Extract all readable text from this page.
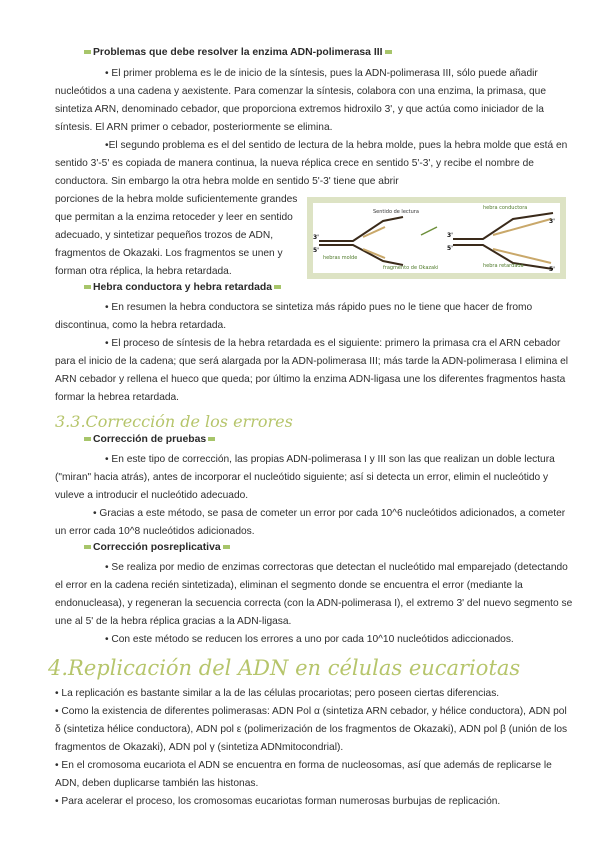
Problemas que debe resolver la enzima ADN-polimerasa III

• El primer problema es le de inicio de la síntesis, pues la ADN-polimerasa III, sólo puede añadir nucleótidos a una cadena y aexistente. Para comenzar la síntesis, colabora con una enzima, la primasa, que sintetiza ARN, denominado cebador, que proporciona extremos hidroxilo 3', y que actúa como iniciador de la síntesis. El ARN primer o cebador, posteriormente se elimina.

•El segundo problema es el del sentido de lectura de la hebra molde, pues la hebra molde que está en sentido 3'-5' es copiada de manera continua, la nueva réplica crece en sentido 5'-3', y recibe el nombre de conductora. Sin embargo la otra hebra molde en sentido 5'-3' tiene que abrir

porciones de la hebra molde suficientemente grandes que permitan a la enzima retoceder y leer en sentido adecuado, y sintetizar pequeños trozos de ADN, fragmentos de Okazaki. Los fragmentos se unen y forman otra réplica, la hebra retardada.

Sentido de lectura
hebras molde
fragmento de Okazaki
hebra conductora
hebra retardada
3'
5'
3'
5'
3'
5'
Hebra conductora y hebra retardada

• En resumen la hebra conductora se sintetiza más rápido pues no le tiene que hacer de fromo discontinua, como la hebra retardada.

• El proceso de síntesis de la hebra retardada es el siguiente: primero la primasa cra el ARN cebador para el inicio de la cadena; que será alargada por la ADN-polimerasa III; más tarde la ADN-polimerasa I elimina el ARN cebador y rellena el hueco que queda; por último la enzima ADN-ligasa une los diferentes fragmentos hasta formar la hebrea retardada.

3.3.Corrección de los errores
Corrección de pruebas

• En este tipo de corrección, las propias ADN-polimerasa I y III son las que realizan un doble lectura ("miran" hacia atrás), antes de incorporar el nucleótido siguiente; así si detecta un error, elimin el nucleótido y vuleve a introducir el nucleótido adecuado.

• Gracias a este método, se pasa de cometer un error por cada 10^6 nucleótidos adicionados, a cometer un error cada 10^8 nucleótidos adicionados.

Corrección posreplicativa

• Se realiza por medio de enzimas correctoras que detectan el nucleótido mal emparejado (detectando el error en la cadena recién sintetizada), eliminan el segmento donde se encuentra el error (mediante la endonucleasa), y regeneran la secuencia correcta (con la ADN-polimerasa I), el extremo 3' del nuevo segmento se une al 5' de la hebra réplica gracias a la ADN-ligasa.

• Con este método se reducen los errores a uno por cada 10^10 nucleótidos adiccionados.

4.Replicación del ADN en células eucariotas

• La replicación es bastante similar a la de las células procariotas; pero poseen ciertas diferencias.

• Como la existencia de diferentes polimerasas: ADN Pol α (sintetiza ARN cebador, y hélice conductora), ADN pol δ (sintetiza hélice conductora), ADN pol ε (polimerización de los fragmentos de Okazaki), ADN pol β (unión de los fragmentos de Okazaki), ADN pol γ (sintetiza ADNmitocondrial).

• En el cromosoma eucariota el ADN se encuentra en forma de nucleosomas, así que además de replicarse le ADN, deben duplicarse también las histonas.

• Para acelerar el proceso, los cromosomas eucariotas forman numerosas burbujas de replicación.
